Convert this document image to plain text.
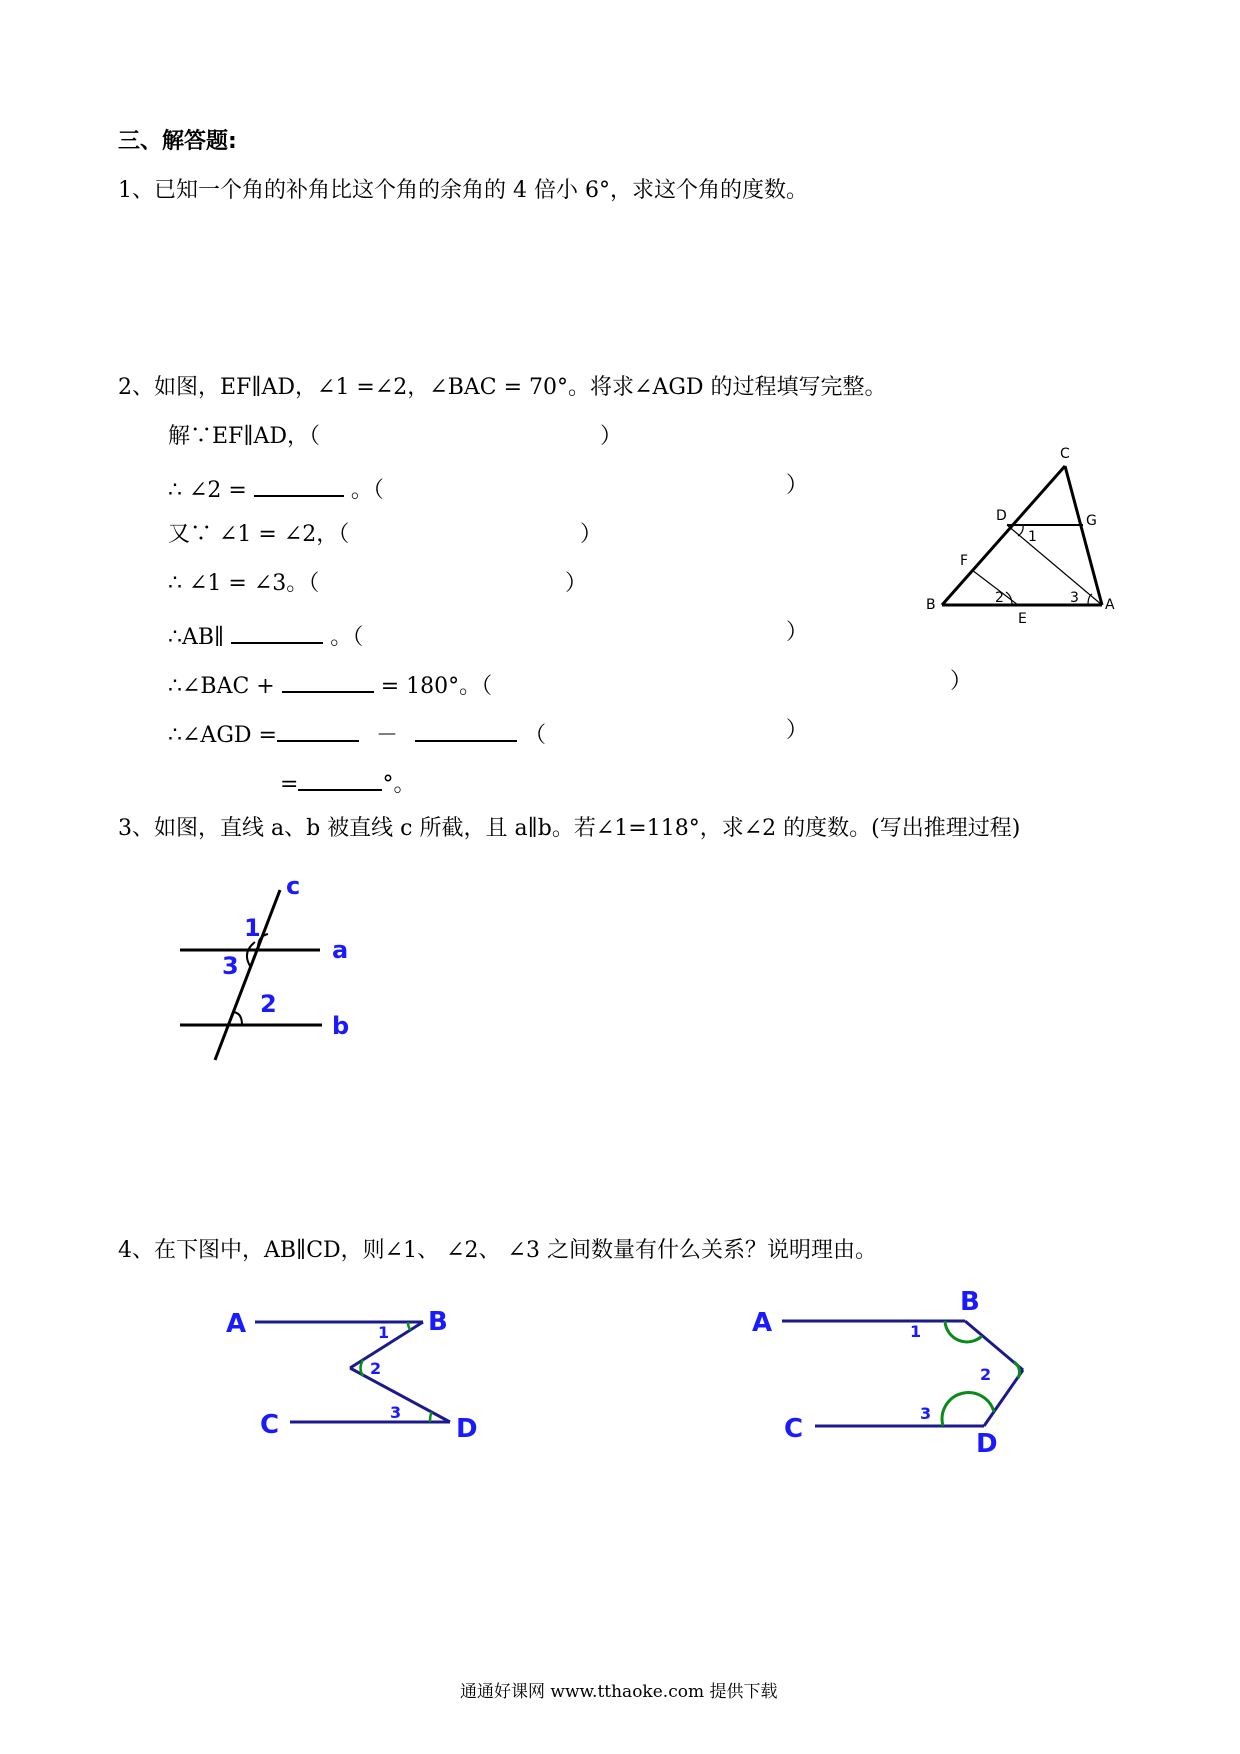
三、解答题:
1、已知一个角的补角比这个角的余角的 4 倍小 6°，求这个角的度数。
2、如图，EF∥AD，∠1 =∠2，∠BAC = 70°。将求∠AGD 的过程填写完整。
解∵EF∥AD，（	）
∴ ∠2 =	。（	）
又∵ ∠1 = ∠2，（	）
∴ ∠1 = ∠3。（	）
∴AB∥	。（	）
∴∠BAC +	= 180°。（	）
∴∠AGD =	－	（	）
=	°。
C
D	G
F
B
E
A
1
2	3
3、如图，直线 a、b 被直线 c 所截，且 a∥b。若∠1=118°，求∠2 的度数。(写出推理过程)
c
a
b
1
3
2
4、在下图中，AB∥CD，则∠1、 ∠2、 ∠3 之间数量有什么关系？说明理由。
A	B
C	D
1
2
3
A
B
C	D
1
2
3
通通好课网 www.tthaoke.com 提供下载
